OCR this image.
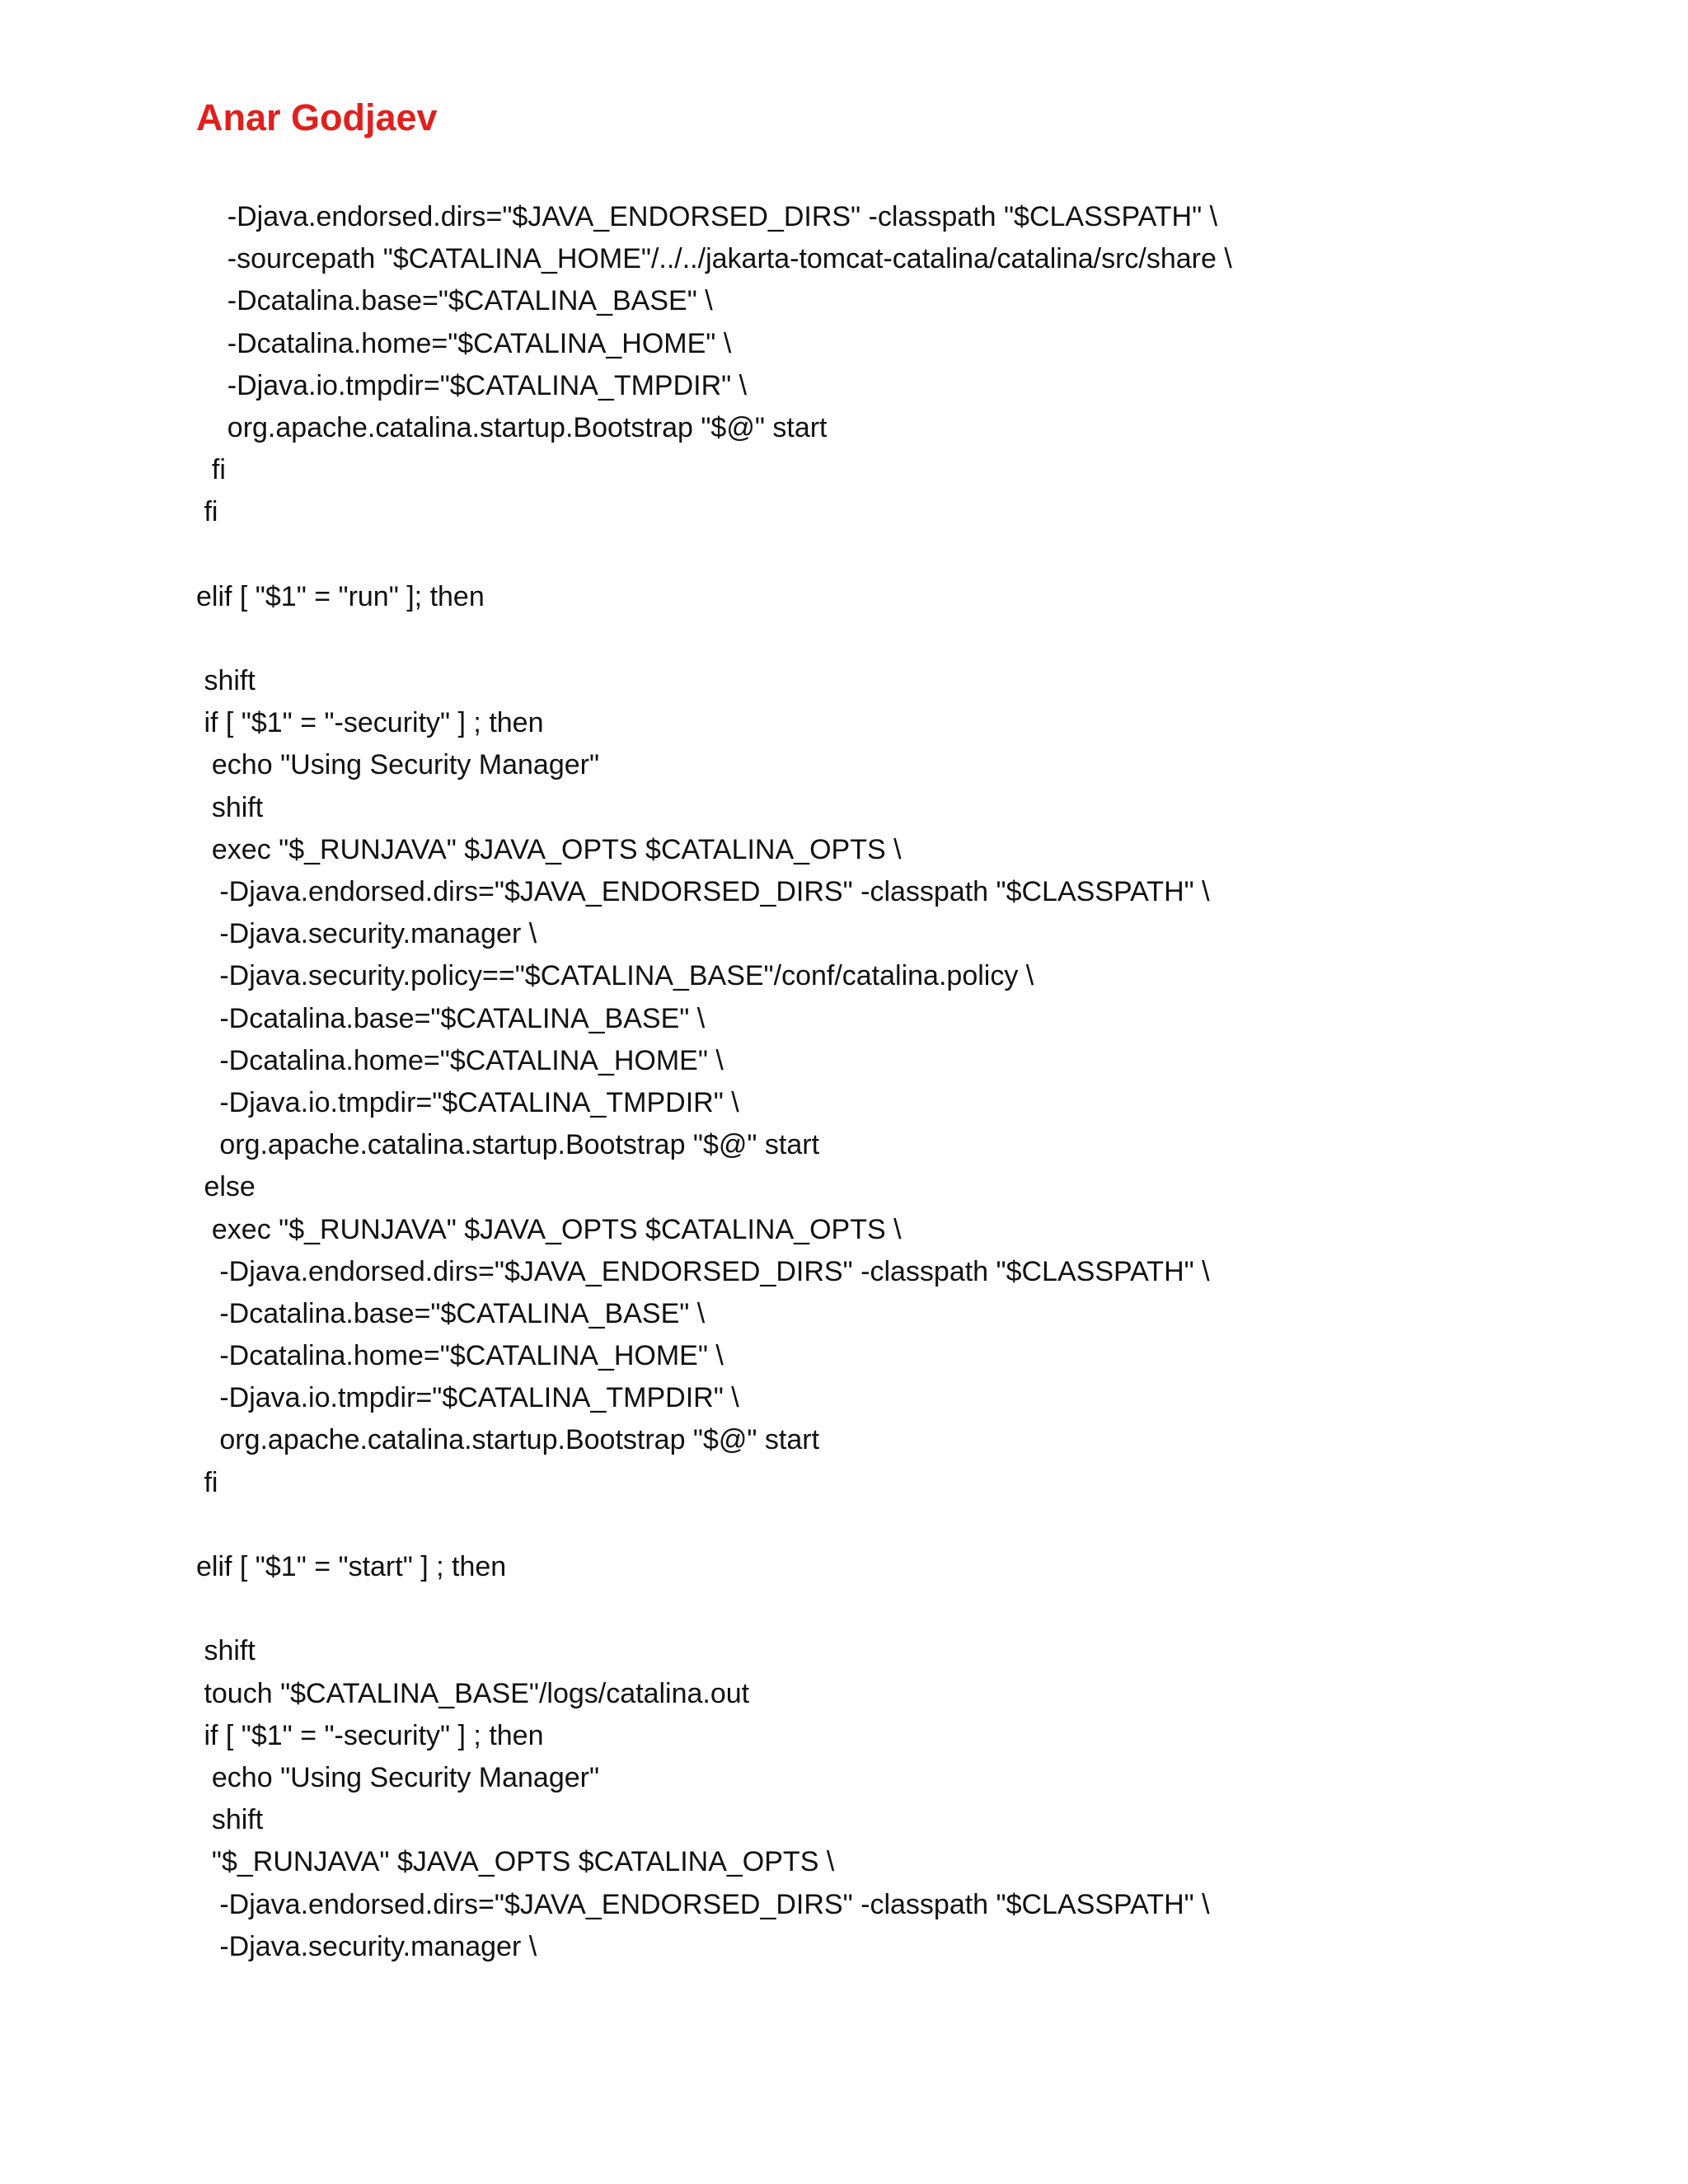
Anar Godjaev
-Djava.endorsed.dirs="$JAVA_ENDORSED_DIRS" -classpath "$CLASSPATH" \
-sourcepath "$CATALINA_HOME"/../../jakarta-tomcat-catalina/catalina/src/share \
-Dcatalina.base="$CATALINA_BASE" \
-Dcatalina.home="$CATALINA_HOME" \
-Djava.io.tmpdir="$CATALINA_TMPDIR" \
org.apache.catalina.startup.Bootstrap "$@" start
fi
fi
elif [ "$1" = "run" ]; then
shift
if [ "$1" = "-security" ] ; then
echo "Using Security Manager"
shift
exec "$_RUNJAVA" $JAVA_OPTS $CATALINA_OPTS \
-Djava.endorsed.dirs="$JAVA_ENDORSED_DIRS" -classpath "$CLASSPATH" \
-Djava.security.manager \
-Djava.security.policy=="$CATALINA_BASE"/conf/catalina.policy \
-Dcatalina.base="$CATALINA_BASE" \
-Dcatalina.home="$CATALINA_HOME" \
-Djava.io.tmpdir="$CATALINA_TMPDIR" \
org.apache.catalina.startup.Bootstrap "$@" start
else
exec "$_RUNJAVA" $JAVA_OPTS $CATALINA_OPTS \
-Djava.endorsed.dirs="$JAVA_ENDORSED_DIRS" -classpath "$CLASSPATH" \
-Dcatalina.base="$CATALINA_BASE" \
-Dcatalina.home="$CATALINA_HOME" \
-Djava.io.tmpdir="$CATALINA_TMPDIR" \
org.apache.catalina.startup.Bootstrap "$@" start
fi
elif [ "$1" = "start" ] ; then
shift
touch "$CATALINA_BASE"/logs/catalina.out
if [ "$1" = "-security" ] ; then
echo "Using Security Manager"
shift
"$_RUNJAVA" $JAVA_OPTS $CATALINA_OPTS \
-Djava.endorsed.dirs="$JAVA_ENDORSED_DIRS" -classpath "$CLASSPATH" \
-Djava.security.manager \
